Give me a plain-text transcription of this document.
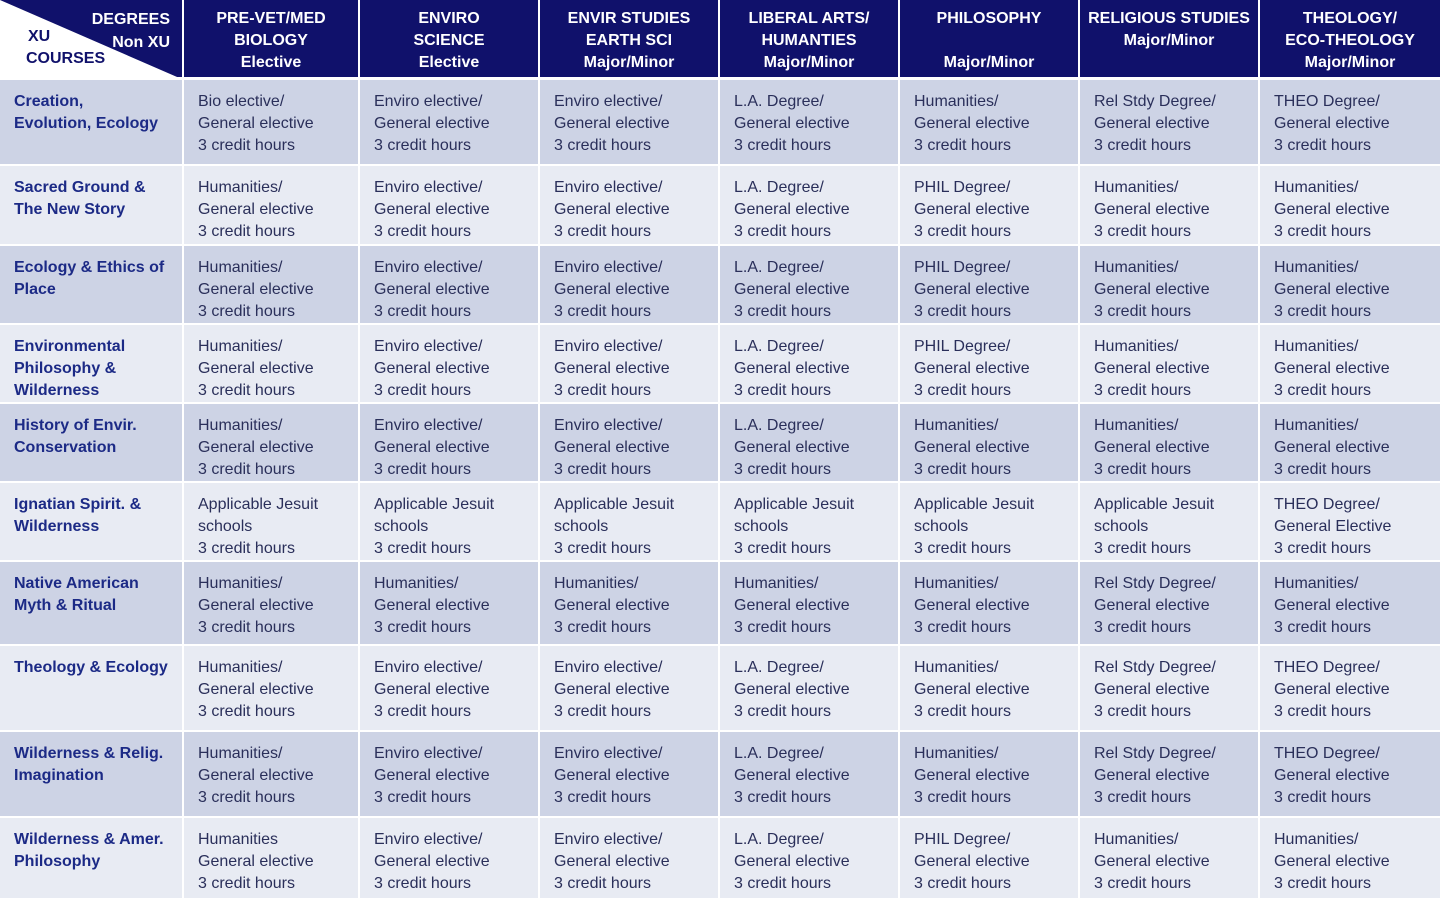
DEGREES
Non XU
XU
COURSES	PRE-VET/MED
BIOLOGY
Elective	ENVIRO
SCIENCE
Elective	ENVIR STUDIES
EARTH SCI
Major/Minor	LIBERAL ARTS/
HUMANTIES
Major/Minor	PHILOSOPHY

Major/Minor	RELIGIOUS STUDIES
Major/Minor	THEOLOGY/
ECO-THEOLOGY
Major/Minor

Creation,
Evolution, Ecology	Bio elective/
General elective
3 credit hours	Enviro elective/
General elective
3 credit hours	Enviro elective/
General elective
3 credit hours	L.A. Degree/
General elective
3 credit hours	Humanities/
General elective
3 credit hours	Rel Stdy Degree/
General elective
3 credit hours	THEO Degree/
General elective
3 credit hours

Sacred Ground &
The New Story	Humanities/
General elective
3 credit hours	Enviro elective/
General elective
3 credit hours	Enviro elective/
General elective
3 credit hours	L.A. Degree/
General elective
3 credit hours	PHIL Degree/
General elective
3 credit hours	Humanities/
General elective
3 credit hours	Humanities/
General elective
3 credit hours

Ecology & Ethics of
Place	Humanities/
General elective
3 credit hours	Enviro elective/
General elective
3 credit hours	Enviro elective/
General elective
3 credit hours	L.A. Degree/
General elective
3 credit hours	PHIL Degree/
General elective
3 credit hours	Humanities/
General elective
3 credit hours	Humanities/
General elective
3 credit hours

Environmental
Philosophy &
Wilderness	Humanities/
General elective
3 credit hours	Enviro elective/
General elective
3 credit hours	Enviro elective/
General elective
3 credit hours	L.A. Degree/
General elective
3 credit hours	PHIL Degree/
General elective
3 credit hours	Humanities/
General elective
3 credit hours	Humanities/
General elective
3 credit hours

History of Envir.
Conservation	Humanities/
General elective
3 credit hours	Enviro elective/
General elective
3 credit hours	Enviro elective/
General elective
3 credit hours	L.A. Degree/
General elective
3 credit hours	Humanities/
General elective
3 credit hours	Humanities/
General elective
3 credit hours	Humanities/
General elective
3 credit hours

Ignatian Spirit. &
Wilderness	Applicable Jesuit
schools
3 credit hours	Applicable Jesuit
schools
3 credit hours	Applicable Jesuit
schools
3 credit hours	Applicable Jesuit
schools
3 credit hours	Applicable Jesuit
schools
3 credit hours	Applicable Jesuit
schools
3 credit hours	THEO Degree/
General Elective
3 credit hours

Native American
Myth & Ritual	Humanities/
General elective
3 credit hours	Humanities/
General elective
3 credit hours	Humanities/
General elective
3 credit hours	Humanities/
General elective
3 credit hours	Humanities/
General elective
3 credit hours	Rel Stdy Degree/
General elective
3 credit hours	Humanities/
General elective
3 credit hours

Theology & Ecology	Humanities/
General elective
3 credit hours	Enviro elective/
General elective
3 credit hours	Enviro elective/
General elective
3 credit hours	L.A. Degree/
General elective
3 credit hours	Humanities/
General elective
3 credit hours	Rel Stdy Degree/
General elective
3 credit hours	THEO Degree/
General elective
3 credit hours

Wilderness & Relig.
Imagination	Humanities/
General elective
3 credit hours	Enviro elective/
General elective
3 credit hours	Enviro elective/
General elective
3 credit hours	L.A. Degree/
General elective
3 credit hours	Humanities/
General elective
3 credit hours	Rel Stdy Degree/
General elective
3 credit hours	THEO Degree/
General elective
3 credit hours

Wilderness & Amer.
Philosophy	Humanities
General elective
3 credit hours	Enviro elective/
General elective
3 credit hours	Enviro elective/
General elective
3 credit hours	L.A. Degree/
General elective
3 credit hours	PHIL Degree/
General elective
3 credit hours	Humanities/
General elective
3 credit hours	Humanities/
General elective
3 credit hours
